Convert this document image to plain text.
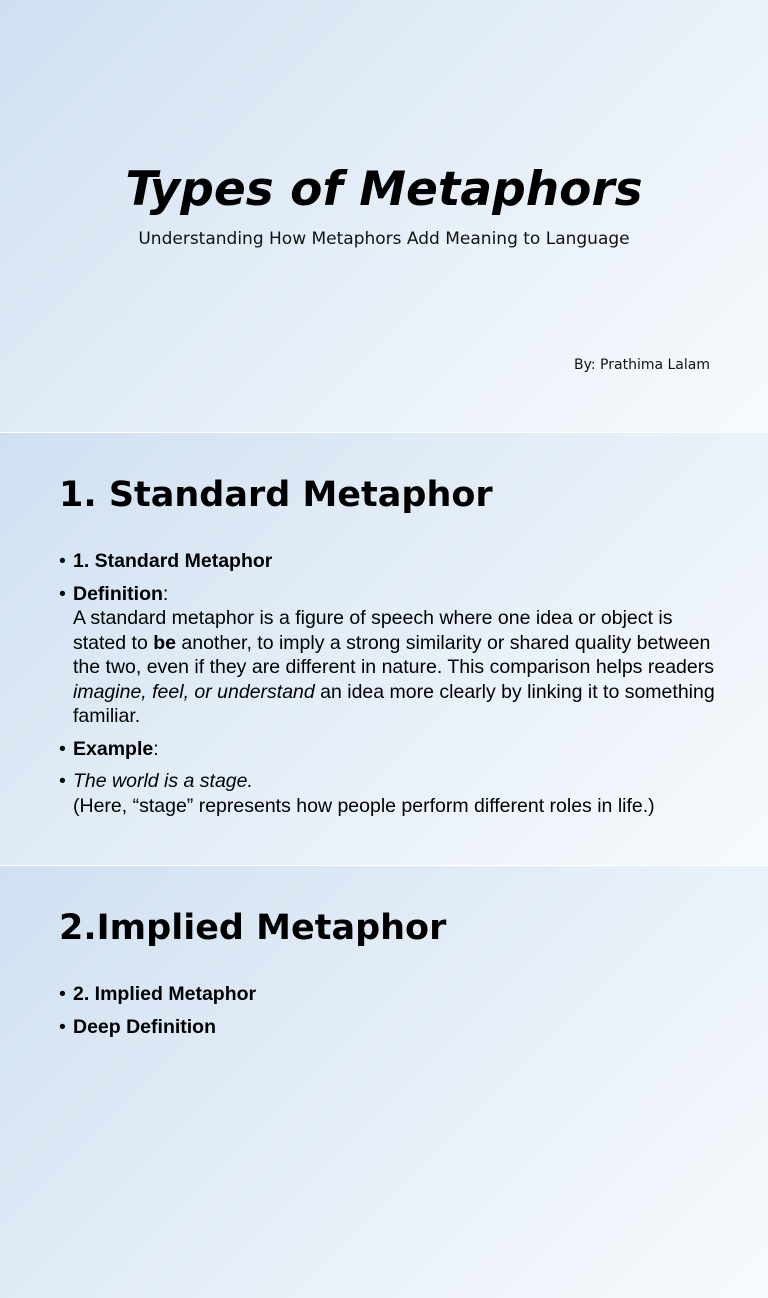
Types of Metaphors
Understanding How Metaphors Add Meaning to Language
By: Prathima Lalam
1. Standard Metaphor
• 1. Standard Metaphor
• Definition:
A standard metaphor is a figure of speech where one idea or object is stated to be another, to imply a strong similarity or shared quality between the two, even if they are different in nature. This comparison helps readers imagine, feel, or understand an idea more clearly by linking it to something familiar.
• Example:
• The world is a stage.
(Here, “stage” represents how people perform different roles in life.)
2.Implied Metaphor
• 2. Implied Metaphor
• Deep Definition
